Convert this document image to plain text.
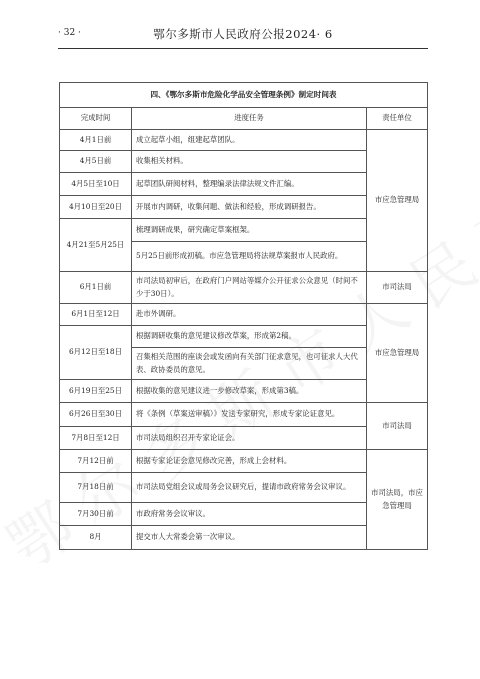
· 32 ·	鄂尔多斯市人民政府公报2024· 6
四、《鄂尔多斯市危险化学品安全管理条例》制定时间表		
完成时间	进度任务	责任单位
4月1日前	成立起草小组，组建起草团队。	市应急管理局
4月5日前	收集相关材料。	
4月5日至10日	起草团队研阅材料，整理编录法律法规文件汇编。	
4月10日至20日	开展市内调研，收集问题、做法和经验，形成调研报告。	
4月21至5月25日	梳理调研成果，研究确定草案框架。	
	5月25日前形成初稿。市应急管理局将法规草案报市人民政府。	
6月1日前	市司法局初审后，在政府门户网站等媒介公开征求公众意见（时间不少于30日）。	市司法局
6月1日至12日	赴市外调研。	市应急管理局
6月12日至18日	根据调研收集的意见建议修改草案，形成第2稿。	
	召集相关范围的座谈会或发函向有关部门征求意见，也可征求人大代表、政协委员的意见。	
6月19日至25日	根据收集的意见建议进一步修改草案，形成第3稿。	
6月26日至30日	将《条例（草案送审稿）》发送专家研究，形成专家论证意见。	市司法局
7月8日至12日	市司法局组织召开专家论证会。	
7月12日前	根据专家论证会意见修改完善，形成上会材料。	市司法局，市应急管理局
7月18日前	市司法局党组会议或局务会议研究后，提请市政府常务会议审议。	
7月30日前	市政府常务会议审议。	
8月	提交市人大常委会第一次审议。	
